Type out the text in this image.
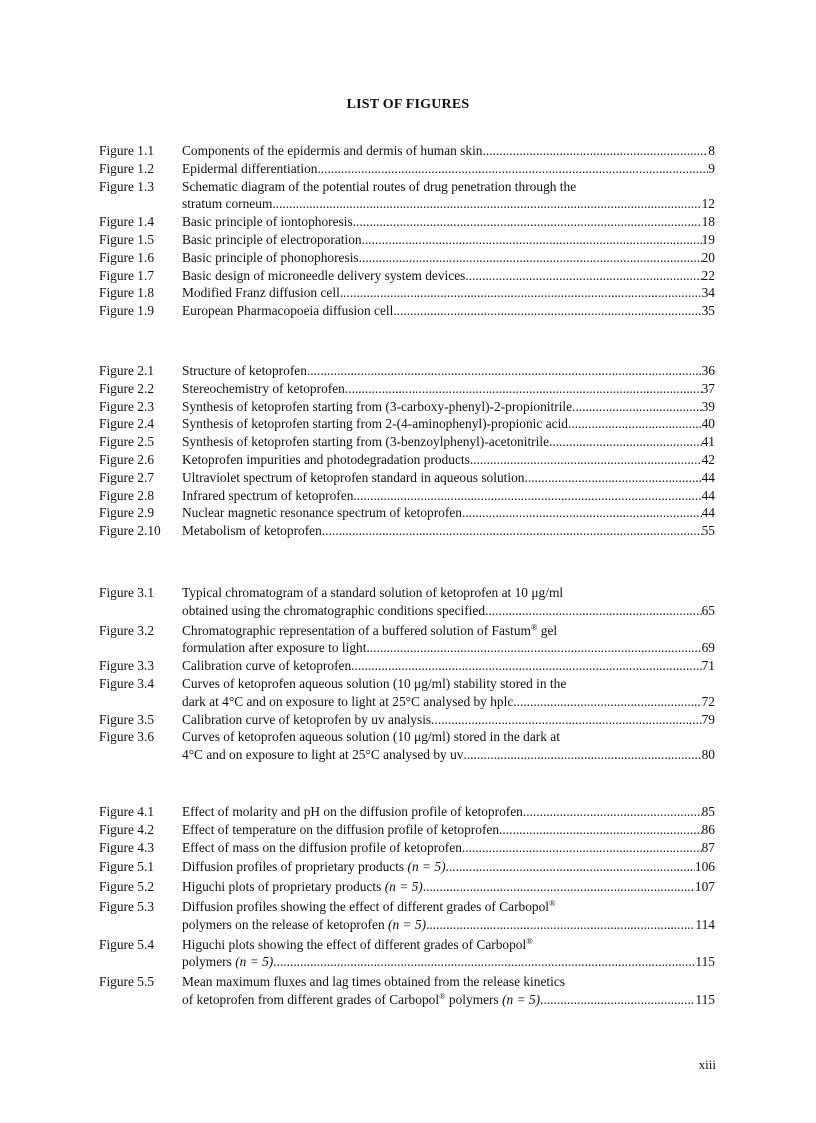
LIST OF FIGURES
Figure 1.1	Components of the epidermis and dermis of human skin .....	8
Figure 1.2	Epidermal differentiation .....	9
Figure 1.3	Schematic diagram of the potential routes of drug penetration through the
stratum corneum .....	12
Figure 1.4	Basic principle of iontophoresis .....	18
Figure 1.5	Basic principle of electroporation .....	19
Figure 1.6	Basic principle of phonophoresis .....	20
Figure 1.7	Basic design of microneedle delivery system devices .....	22
Figure 1.8	Modified Franz diffusion cell .....	34
Figure 1.9	European Pharmacopoeia diffusion cell .....	35
Figure 2.1	Structure of ketoprofen .....	36
Figure 2.2	Stereochemistry of ketoprofen .....	37
Figure 2.3	Synthesis of ketoprofen starting from (3-carboxy-phenyl)-2-propionitrile .....	39
Figure 2.4	Synthesis of ketoprofen starting from 2-(4-aminophenyl)-propionic acid .....	40
Figure 2.5	Synthesis of ketoprofen starting from (3-benzoylphenyl)-acetonitrile .....	41
Figure 2.6	Ketoprofen impurities and photodegradation products .....	42
Figure 2.7	Ultraviolet spectrum of ketoprofen standard in aqueous solution .....	44
Figure 2.8	Infrared spectrum of ketoprofen .....	44
Figure 2.9	Nuclear magnetic resonance spectrum of ketoprofen .....	44
Figure 2.10	Metabolism of ketoprofen .....	55
Figure 3.1	Typical chromatogram of a standard solution of ketoprofen at 10 μg/ml
obtained using the chromatographic conditions specified .....	65
Figure 3.2	Chromatographic representation of a buffered solution of Fastum® gel
formulation after exposure to light .....	69
Figure 3.3	Calibration curve of ketoprofen .....	71
Figure 3.4	Curves of ketoprofen aqueous solution (10 μg/ml) stability stored in the
dark at 4°C and on exposure to light at 25°C analysed by hplc .....	72
Figure 3.5	Calibration curve of ketoprofen by uv analysis .....	79
Figure 3.6	Curves of ketoprofen aqueous solution (10 μg/ml) stored in the dark at
4°C and on exposure to light at 25°C analysed by uv .....	80
Figure 4.1	Effect of molarity and pH on the diffusion profile of ketoprofen .....	85
Figure 4.2	Effect of temperature on the diffusion profile of ketoprofen .....	86
Figure 4.3	Effect of mass on the diffusion profile of ketoprofen .....	87
Figure 5.1	Diffusion profiles of proprietary products (n = 5) .....	106
Figure 5.2	Higuchi plots of proprietary products (n = 5) .....	107
Figure 5.3	Diffusion profiles showing the effect of different grades of Carbopol®
polymers on the release of ketoprofen (n = 5) .....	114
Figure 5.4	Higuchi plots showing the effect of different grades of Carbopol®
polymers (n = 5) .....	115
Figure 5.5	Mean maximum fluxes and lag times obtained from the release kinetics
of ketoprofen from different grades of Carbopol® polymers (n = 5) .....	115
xiii
